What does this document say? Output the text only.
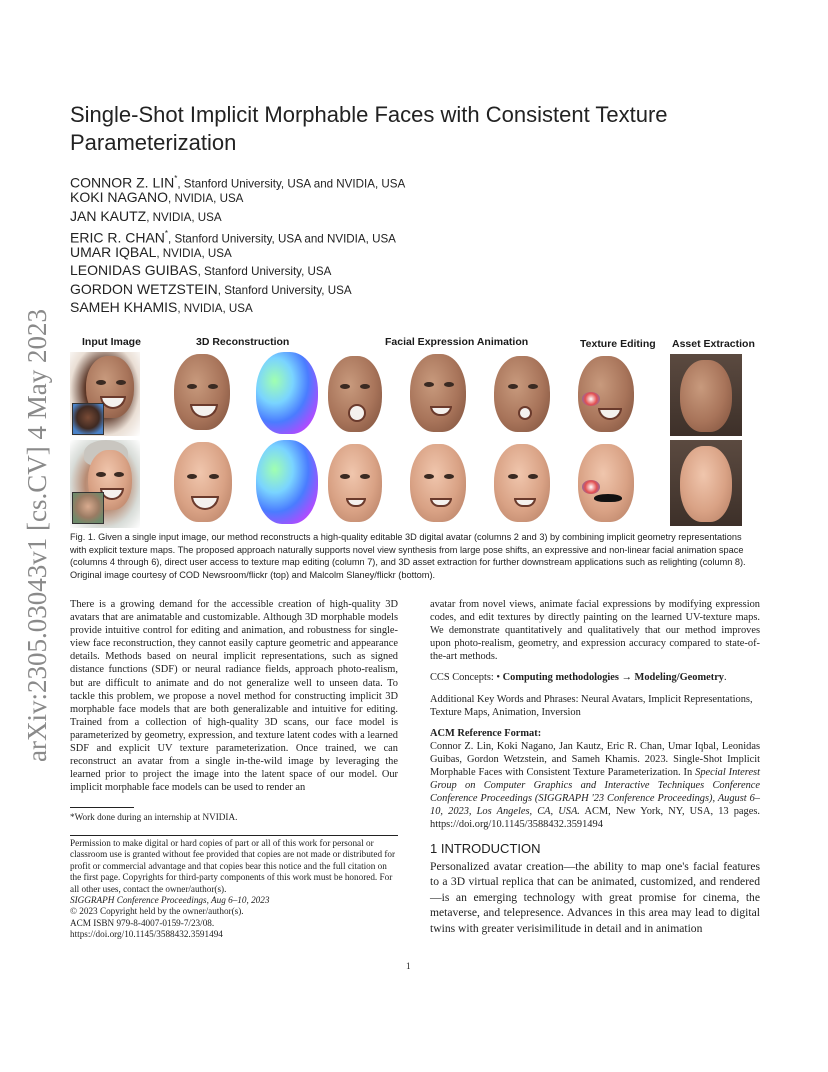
arXiv:2305.03043v1 [cs.CV] 4 May 2023
Single-Shot Implicit Morphable Faces with Consistent Texture Parameterization
CONNOR Z. LIN*, Stanford University, USA and NVIDIA, USA
KOKI NAGANO, NVIDIA, USA
JAN KAUTZ, NVIDIA, USA
ERIC R. CHAN*, Stanford University, USA and NVIDIA, USA
UMAR IQBAL, NVIDIA, USA
LEONIDAS GUIBAS, Stanford University, USA
GORDON WETZSTEIN, Stanford University, USA
SAMEH KHAMIS, NVIDIA, USA
Input Image	3D Reconstruction	Facial Expression Animation	Texture Editing Asset Extraction
Fig. 1. Given a single input image, our method reconstructs a high-quality editable 3D digital avatar (columns 2 and 3) by combining implicit geometry representations with explicit texture maps. The proposed approach naturally supports novel view synthesis from large pose shifts, an expressive and non-linear facial animation space (columns 4 through 6), direct user access to texture map editing (column 7), and 3D asset extraction for further downstream applications such as relighting (column 8). Original image courtesy of COD Newsroom/flickr (top) and Malcolm Slaney/flickr (bottom).

There is a growing demand for the accessible creation of high-quality 3D avatars that are animatable and customizable. Although 3D morphable models provide intuitive control for editing and animation, and robustness for single-view face reconstruction, they cannot easily capture geometric and appearance details. Methods based on neural implicit representations, such as signed distance functions (SDF) or neural radiance fields, approach photo-realism, but are difficult to animate and do not generalize well to unseen data. To tackle this problem, we propose a novel method for constructing implicit 3D morphable face models that are both generalizable and intuitive for editing. Trained from a collection of high-quality 3D scans, our face model is parameterized by geometry, expression, and texture latent codes with a learned SDF and explicit UV texture parameterization. Once trained, we can reconstruct an avatar from a single in-the-wild image by leveraging the learned prior to project the image into the latent space of our model. Our implicit morphable face models can be used to render an

*Work done during an internship at NVIDIA.

Permission to make digital or hard copies of part or all of this work for personal or classroom use is granted without fee provided that copies are not made or distributed for profit or commercial advantage and that copies bear this notice and the full citation on the first page. Copyrights for third-party components of this work must be honored. For all other uses, contact the owner/author(s).

SIGGRAPH Conference Proceedings, Aug 6–10, 2023

© 2023 Copyright held by the owner/author(s).

ACM ISBN 979-8-4007-0159-7/23/08.

https://doi.org/10.1145/3588432.3591494

avatar from novel views, animate facial expressions by modifying expression codes, and edit textures by directly painting on the learned UV-texture maps. We demonstrate quantitatively and qualitatively that our method improves upon photo-realism, geometry, and expression accuracy compared to state-of-the-art methods.

CCS Concepts: • Computing methodologies → Modeling/Geometry.

Additional Key Words and Phrases: Neural Avatars, Implicit Representations, Texture Maps, Animation, Inversion

ACM Reference Format:

Connor Z. Lin, Koki Nagano, Jan Kautz, Eric R. Chan, Umar Iqbal, Leonidas Guibas, Gordon Wetzstein, and Sameh Khamis. 2023. Single-Shot Implicit Morphable Faces with Consistent Texture Parameterization. In Special Interest Group on Computer Graphics and Interactive Techniques Conference Conference Proceedings (SIGGRAPH '23 Conference Proceedings), August 6–10, 2023, Los Angeles, CA, USA. ACM, New York, NY, USA, 13 pages. https://doi.org/10.1145/3588432.3591494

1 INTRODUCTION

Personalized avatar creation—the ability to map one's facial features to a 3D virtual replica that can be animated, customized, and rendered—is an emerging technology with great promise for cinema, the metaverse, and telepresence. Advances in this area may lead to digital twins with greater verisimilitude in detail and in animation

1
